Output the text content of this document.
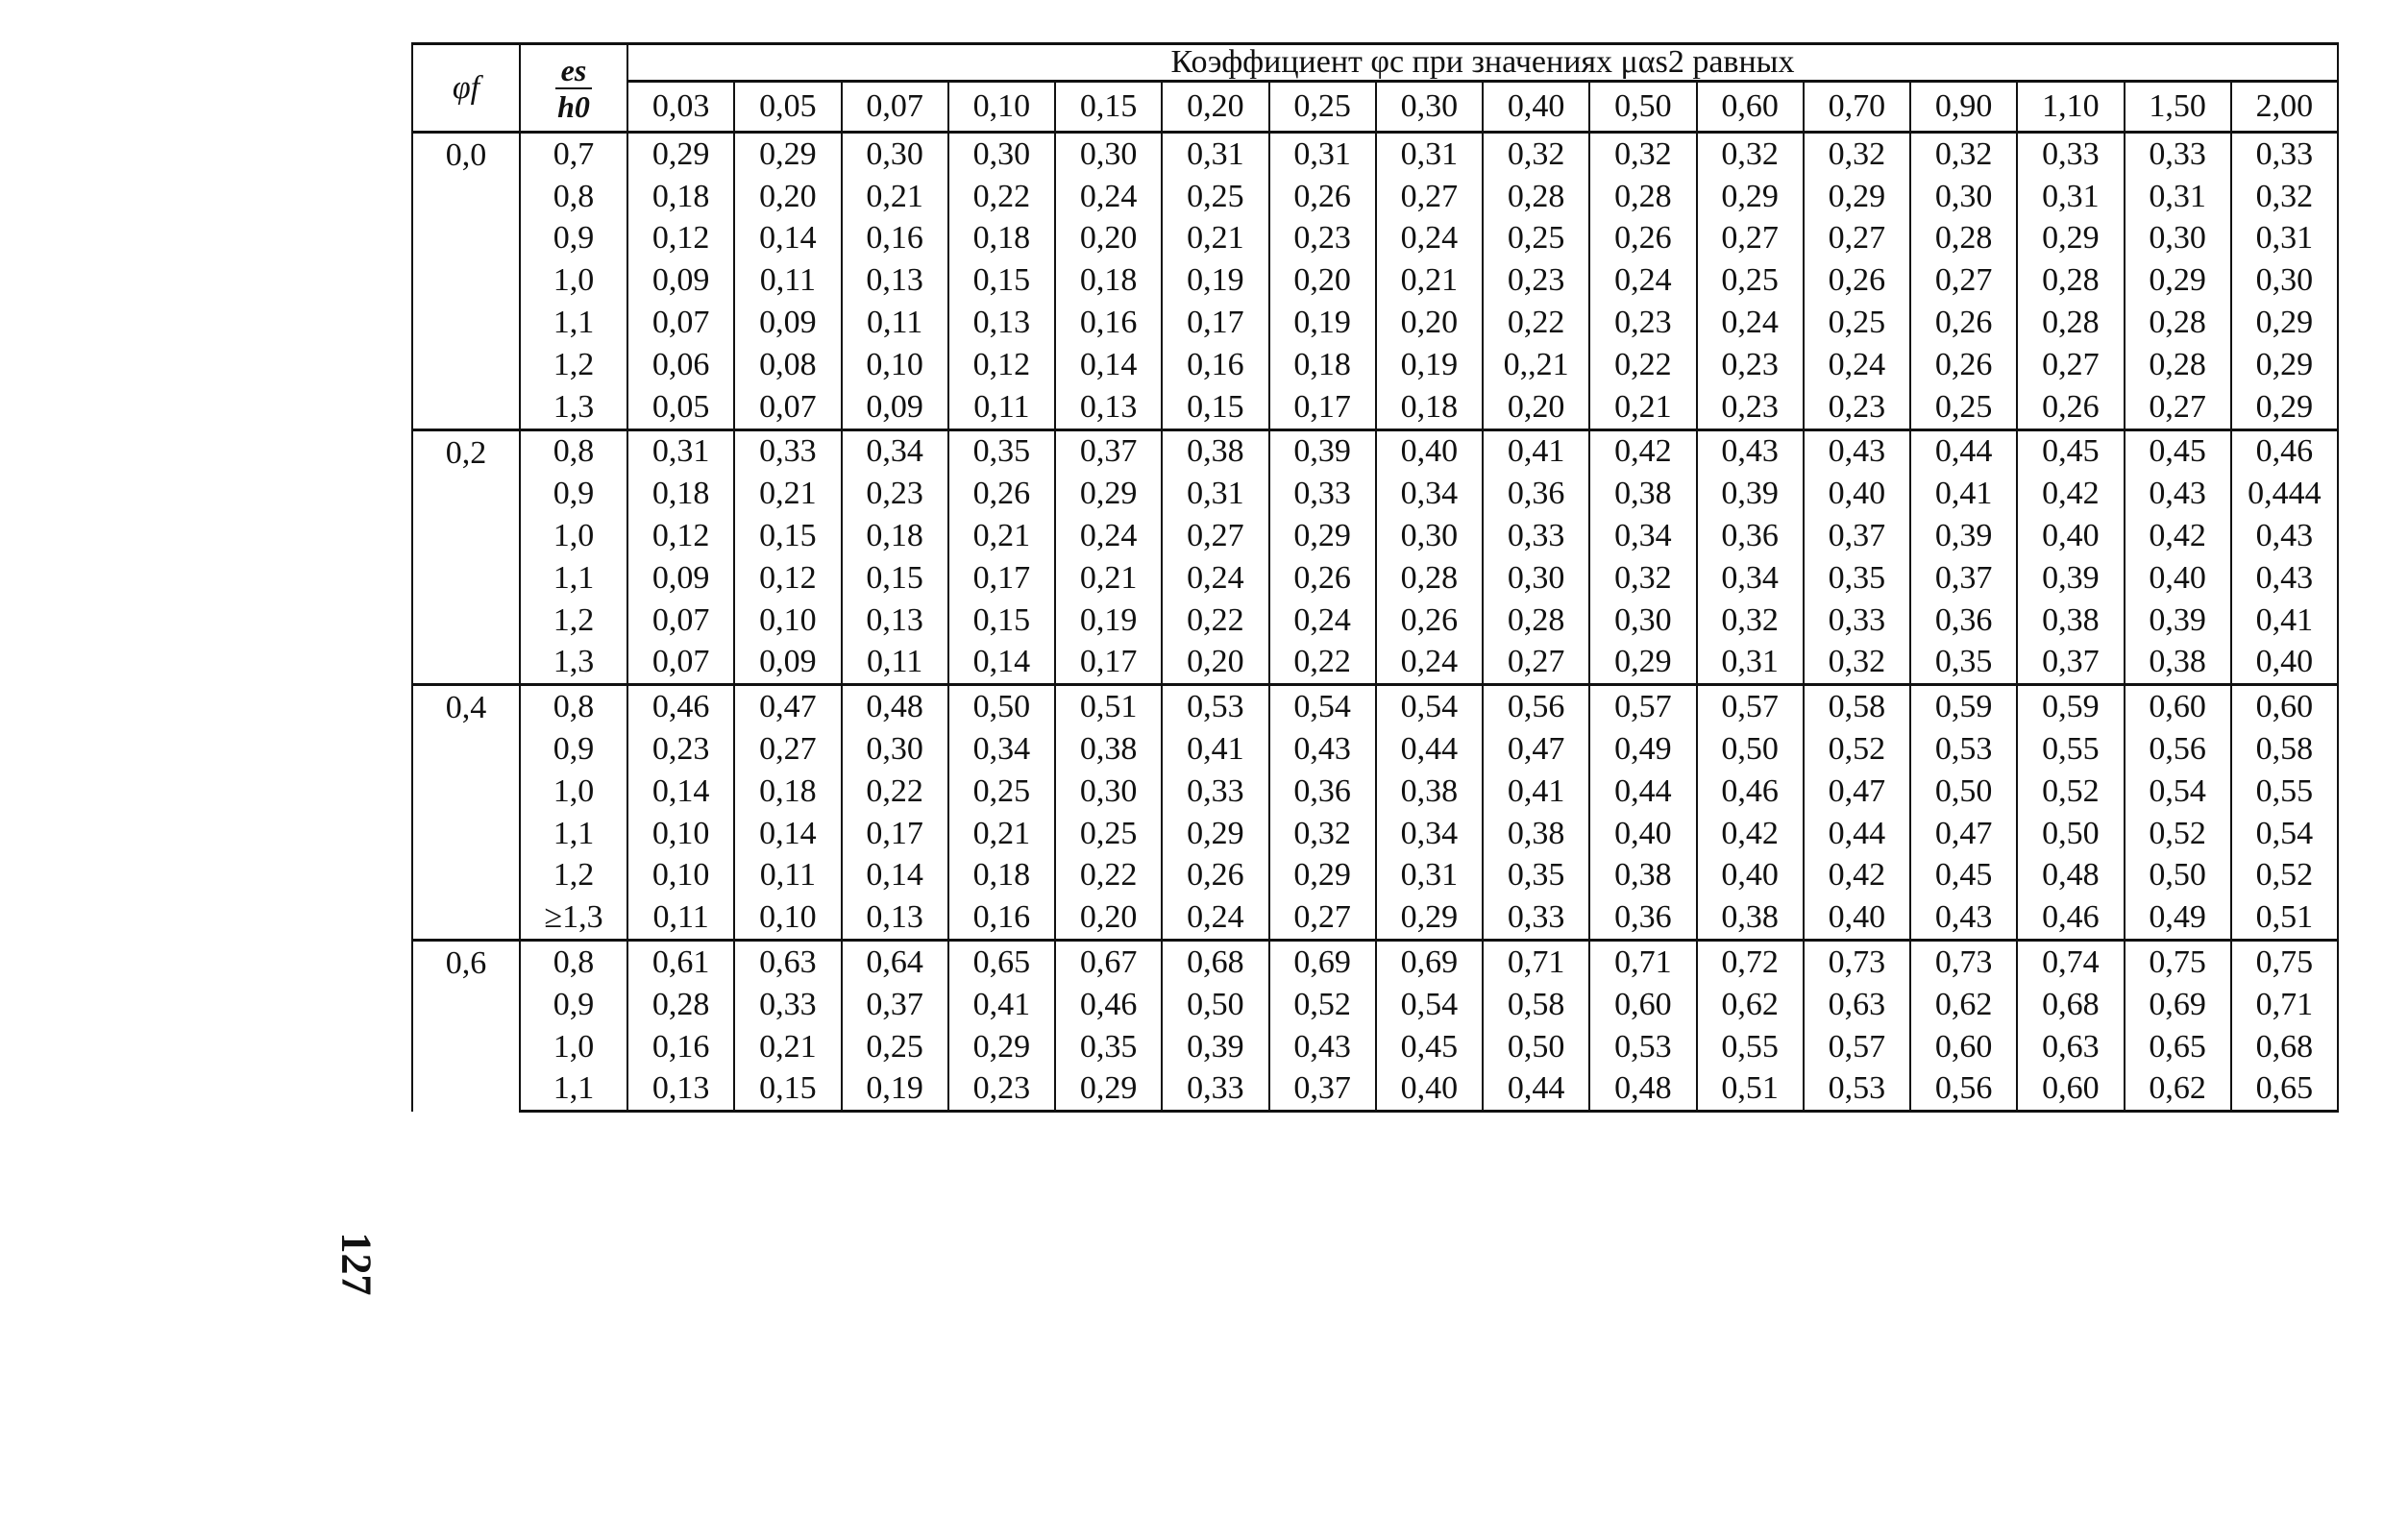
φf	$\frac{es}{h0}$	Коэффициент φc при значениях μαs2 равных															
		0,03	0,05	0,07	0,10	0,15	0,20	0,25	0,30	0,40	0,50	0,60	0,70	0,90	1,10	1,50	2,00
0,0	0,7	0,29	0,29	0,30	0,30	0,30	0,31	0,31	0,31	0,32	0,32	0,32	0,32	0,32	0,33	0,33	0,33
	0,8	0,18	0,20	0,21	0,22	0,24	0,25	0,26	0,27	0,28	0,28	0,29	0,29	0,30	0,31	0,31	0,32
	0,9	0,12	0,14	0,16	0,18	0,20	0,21	0,23	0,24	0,25	0,26	0,27	0,27	0,28	0,29	0,30	0,31
	1,0	0,09	0,11	0,13	0,15	0,18	0,19	0,20	0,21	0,23	0,24	0,25	0,26	0,27	0,28	0,29	0,30
	1,1	0,07	0,09	0,11	0,13	0,16	0,17	0,19	0,20	0,22	0,23	0,24	0,25	0,26	0,28	0,28	0,29
	1,2	0,06	0,08	0,10	0,12	0,14	0,16	0,18	0,19	0,,21	0,22	0,23	0,24	0,26	0,27	0,28	0,29
	1,3	0,05	0,07	0,09	0,11	0,13	0,15	0,17	0,18	0,20	0,21	0,23	0,23	0,25	0,26	0,27	0,29
0,2	0,8	0,31	0,33	0,34	0,35	0,37	0,38	0,39	0,40	0,41	0,42	0,43	0,43	0,44	0,45	0,45	0,46
	0,9	0,18	0,21	0,23	0,26	0,29	0,31	0,33	0,34	0,36	0,38	0,39	0,40	0,41	0,42	0,43	0,444
	1,0	0,12	0,15	0,18	0,21	0,24	0,27	0,29	0,30	0,33	0,34	0,36	0,37	0,39	0,40	0,42	0,43
	1,1	0,09	0,12	0,15	0,17	0,21	0,24	0,26	0,28	0,30	0,32	0,34	0,35	0,37	0,39	0,40	0,43
	1,2	0,07	0,10	0,13	0,15	0,19	0,22	0,24	0,26	0,28	0,30	0,32	0,33	0,36	0,38	0,39	0,41
	1,3	0,07	0,09	0,11	0,14	0,17	0,20	0,22	0,24	0,27	0,29	0,31	0,32	0,35	0,37	0,38	0,40
0,4	0,8	0,46	0,47	0,48	0,50	0,51	0,53	0,54	0,54	0,56	0,57	0,57	0,58	0,59	0,59	0,60	0,60
	0,9	0,23	0,27	0,30	0,34	0,38	0,41	0,43	0,44	0,47	0,49	0,50	0,52	0,53	0,55	0,56	0,58
	1,0	0,14	0,18	0,22	0,25	0,30	0,33	0,36	0,38	0,41	0,44	0,46	0,47	0,50	0,52	0,54	0,55
	1,1	0,10	0,14	0,17	0,21	0,25	0,29	0,32	0,34	0,38	0,40	0,42	0,44	0,47	0,50	0,52	0,54
	1,2	0,10	0,11	0,14	0,18	0,22	0,26	0,29	0,31	0,35	0,38	0,40	0,42	0,45	0,48	0,50	0,52
	≥1,3	0,11	0,10	0,13	0,16	0,20	0,24	0,27	0,29	0,33	0,36	0,38	0,40	0,43	0,46	0,49	0,51
0,6	0,8	0,61	0,63	0,64	0,65	0,67	0,68	0,69	0,69	0,71	0,71	0,72	0,73	0,73	0,74	0,75	0,75
	0,9	0,28	0,33	0,37	0,41	0,46	0,50	0,52	0,54	0,58	0,60	0,62	0,63	0,62	0,68	0,69	0,71
	1,0	0,16	0,21	0,25	0,29	0,35	0,39	0,43	0,45	0,50	0,53	0,55	0,57	0,60	0,63	0,65	0,68
	1,1	0,13	0,15	0,19	0,23	0,29	0,33	0,37	0,40	0,44	0,48	0,51	0,53	0,56	0,60	0,62	0,65
127
